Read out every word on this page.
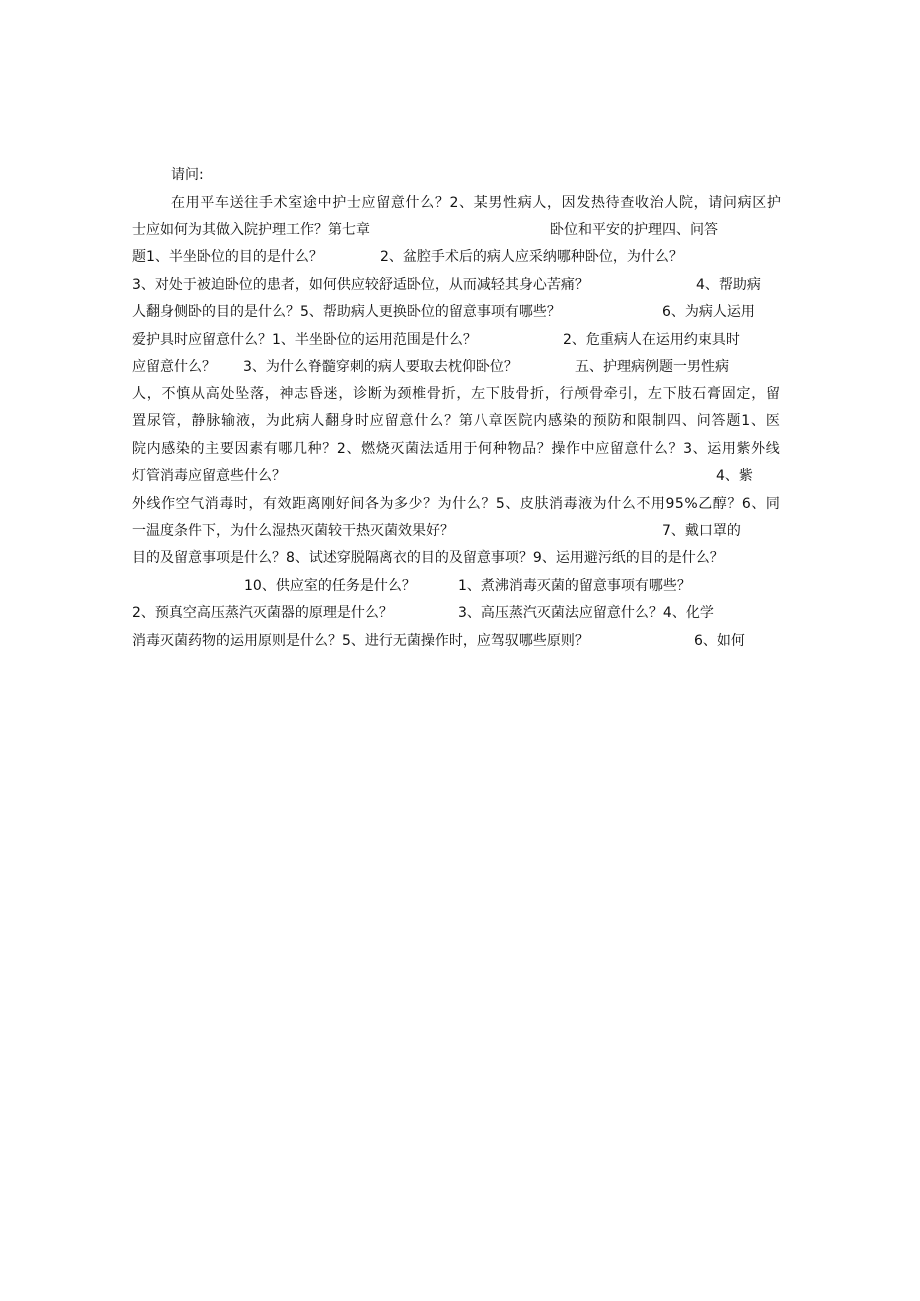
请问:
在用平车送往手术室途中护士应留意什么？2、某男性病人，因发热待查收治人院，请问病区护
士应如何为其做入院护理工作？第七章	卧位和平安的护理四、问答
题1、半坐卧位的目的是什么？	2、盆腔手术后的病人应采纳哪种卧位，为什么？
3、对处于被迫卧位的患者，如何供应较舒适卧位，从而减轻其身心苦痛？	4、帮助病
人翻身侧卧的目的是什么？5、帮助病人更换卧位的留意事项有哪些？	6、为病人运用
爱护具时应留意什么？1、半坐卧位的运用范围是什么？	2、危重病人在运用约束具时
应留意什么？ 3、为什么脊髓穿刺的病人要取去枕仰卧位？	五、护理病例题一男性病
人，不慎从高处坠落，神志昏迷，诊断为颈椎骨折，左下肢骨折，行颅骨牵引，左下肢石膏固定，留
置尿管，静脉输液，为此病人翻身时应留意什么？第八章医院内感染的预防和限制四、问答题1、医
院内感染的主要因素有哪几种？2、燃烧灭菌法适用于何种物品？操作中应留意什么？3、运用紫外线
灯管消毒应留意些什么？	4、紫
外线作空气消毒时，有效距离刚好间各为多少？为什么？5、皮肤消毒液为什么不用95%乙醇？6、同
一温度条件下，为什么湿热灭菌较干热灭菌效果好？	7、戴口罩的
目的及留意事项是什么？8、试述穿脱隔离衣的目的及留意事项？9、运用避污纸的目的是什么？
10、供应室的任务是什么？	1、煮沸消毒灭菌的留意事项有哪些？
2、预真空高压蒸汽灭菌器的原理是什么？	3、高压蒸汽灭菌法应留意什么？4、化学
消毒灭菌药物的运用原则是什么？5、进行无菌操作时，应驾驭哪些原则？	6、如何
